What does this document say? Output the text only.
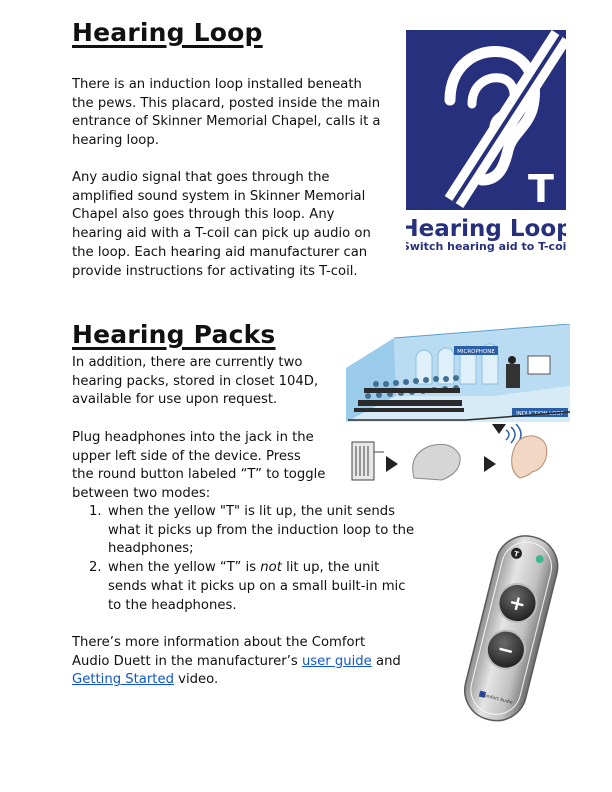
Hearing Loop

There is an induction loop installed beneath the pews. This placard, posted inside the main entrance of Skinner Memorial Chapel, calls it a hearing loop.

Any audio signal that goes through the amplified sound system in Skinner Memorial Chapel also goes through this loop. Any hearing aid with a T-coil can pick up audio on the loop. Each hearing aid manufacturer can provide instructions for activating its T-coil.

T
Hearing Loop
Switch hearing aid to T-coil
Hearing Packs

In addition, there are currently two hearing packs, stored in closet 104D, available for use upon request.

Plug headphones into the jack in the upper left side of the device. Press the round button labeled “T” to toggle between two modes:

1. when the yellow "T" is lit up, the unit sends what it picks up from the induction loop to the headphones;
2. when the yellow “T” is not lit up, the unit sends what it picks up on a small built-in mic to the headphones.

There’s more information about the Comfort Audio Duett in the manufacturer’s user guide and Getting Started video.

MICROPHONE
INDUCTION LOOP
T
+
−
Comfort Audio
